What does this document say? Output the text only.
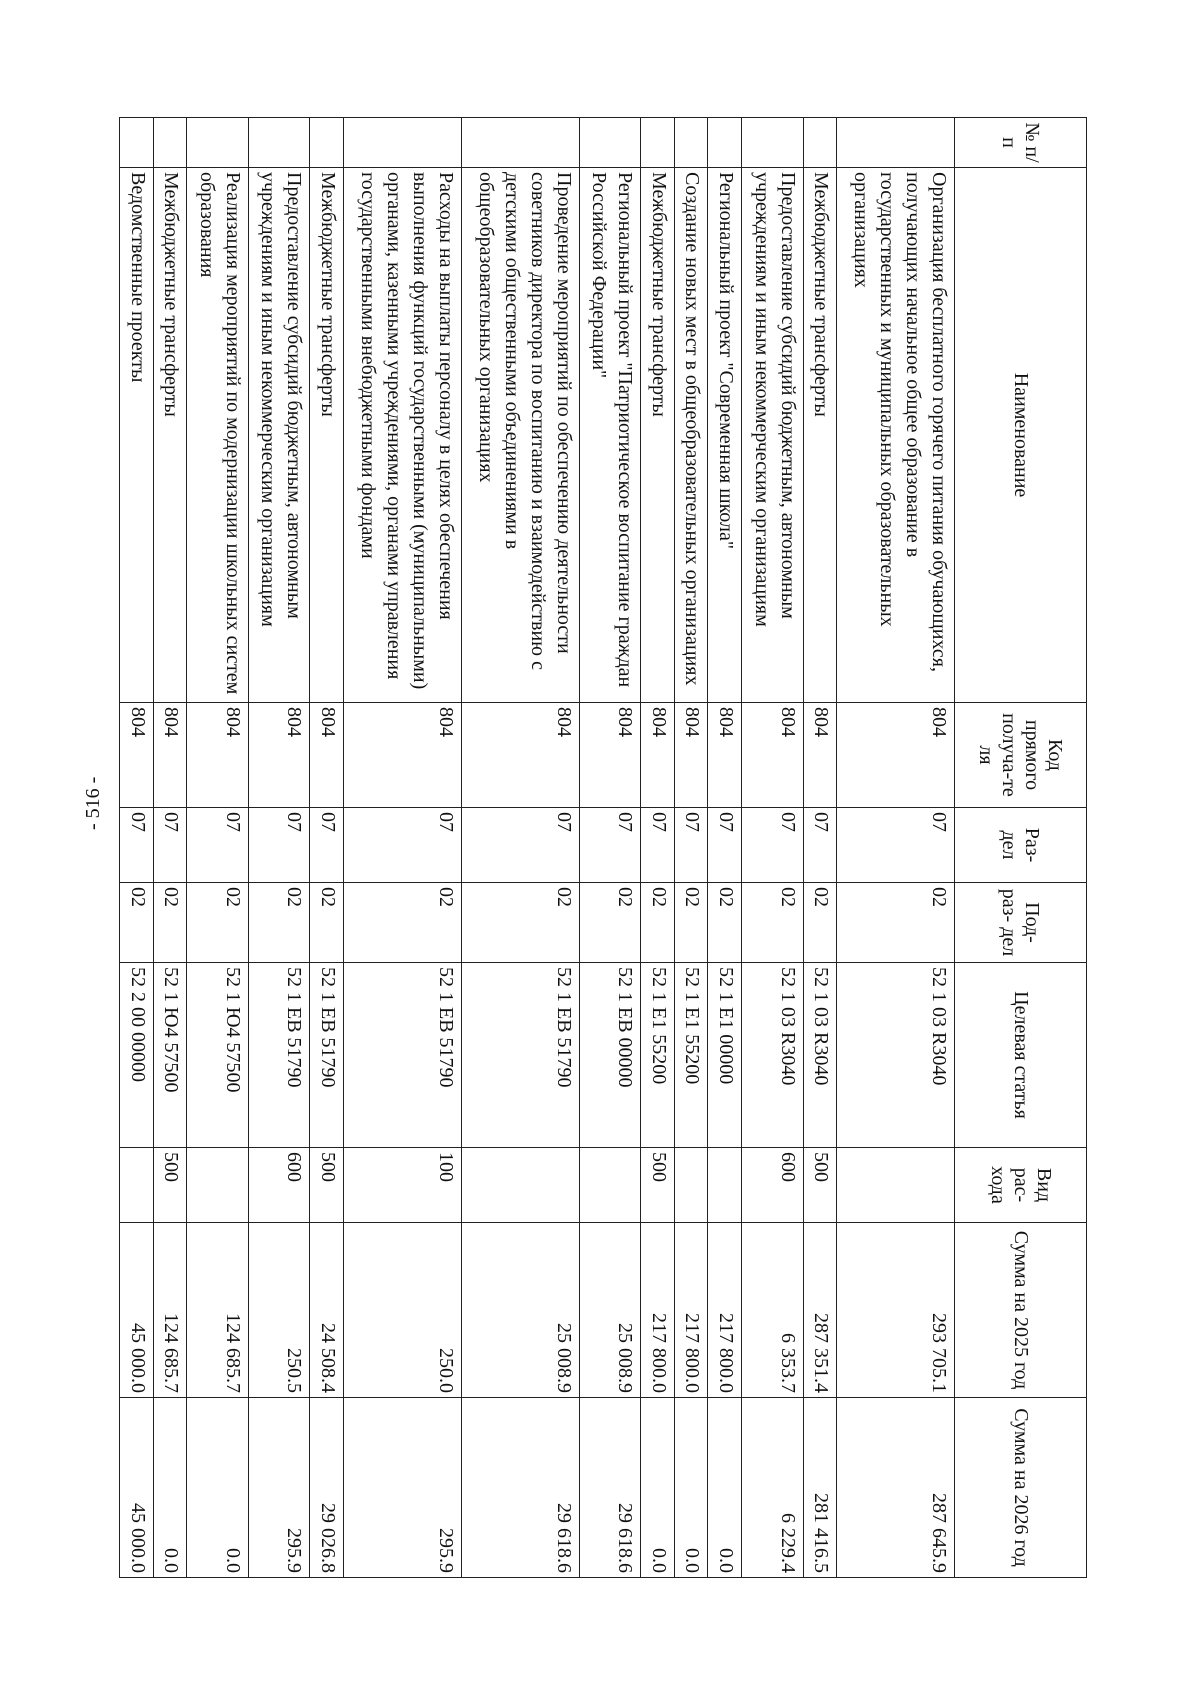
- 516 -
№ п/п	Наименование	Код прямого получа-те ля	Раз- дел	Под- раз- дел	Целевая статья	Вид рас- хода	Сумма на 2025 год	Сумма на 2026 год
	Организация бесплатного горячего питания обучающихся, получающих начальное общее образование в государственных и муниципальных образовательных организациях	804	07	02	52 1 03 R3040		293 705.1	287 645.9
	Межбюджетные трансферты	804	07	02	52 1 03 R3040	500	287 351.4	281 416.5
	Предоставление субсидий бюджетным, автономным учреждениям и иным некоммерческим организациям	804	07	02	52 1 03 R3040	600	6 353.7	6 229.4
	Региональный проект "Современная школа"	804	07	02	52 1 E1 00000		217 800.0	0.0
	Создание новых мест в общеобразовательных организациях	804	07	02	52 1 E1 55200		217 800.0	0.0
	Межбюджетные трансферты	804	07	02	52 1 E1 55200	500	217 800.0	0.0
	Региональный проект "Патриотическое воспитание граждан Российской Федерации"	804	07	02	52 1 EB 00000		25 008.9	29 618.6
	Проведение мероприятий по обеспечению деятельности советников директора по воспитанию и взаимодействию с детскими общественными объединениями в общеобразовательных организациях	804	07	02	52 1 EB 51790		25 008.9	29 618.6
	Расходы на выплаты персоналу в целях обеспечения выполнения функций государственными (муниципальными) органами, казенными учреждениями, органами управления государственными внебюджетными фондами	804	07	02	52 1 EB 51790	100	250.0	295.9
	Межбюджетные трансферты	804	07	02	52 1 EB 51790	500	24 508.4	29 026.8
	Предоставление субсидий бюджетным, автономным учреждениям и иным некоммерческим организациям	804	07	02	52 1 EB 51790	600	250.5	295.9
	Реализация мероприятий по модернизации школьных систем образования	804	07	02	52 1 Ю4 57500		124 685.7	0.0
	Межбюджетные трансферты	804	07	02	52 1 Ю4 57500	500	124 685.7	0.0
	Ведомственные проекты	804	07	02	52 2 00 00000		45 000.0	45 000.0
